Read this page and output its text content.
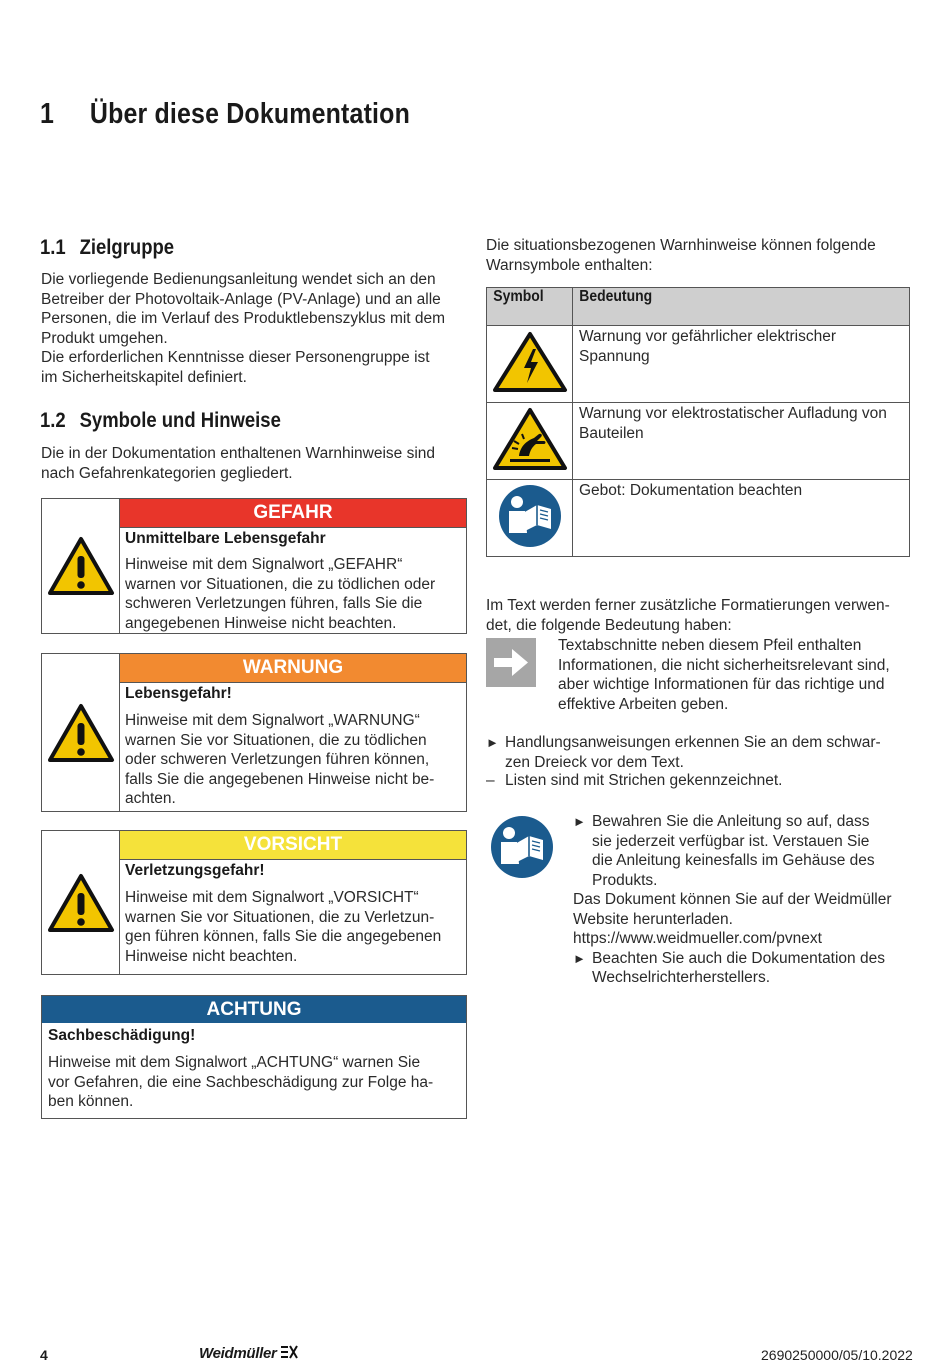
1 Über diese Dokumentation
1.1 Zielgruppe
Die vorliegende Bedienungsanleitung wendet sich an den
Betreiber der Photovoltaik-Anlage (PV-Anlage) und an alle
Personen, die im Verlauf des Produktlebenszyklus mit dem
Produkt umgehen.
Die erforderlichen Kenntnisse dieser Personengruppe ist
im Sicherheitskapitel definiert.
1.2 Symbole und Hinweise
Die in der Dokumentation enthaltenen Warnhinweise sind
nach Gefahrenkategorien gegliedert.
GEFAHR
Unmittelbare Lebensgefahr
Hinweise mit dem Signalwort „GEFAHR“
warnen vor Situationen, die zu tödlichen oder
schweren Verletzungen führen, falls Sie die
angegebenen Hinweise nicht beachten.
WARNUNG
Lebensgefahr!
Hinweise mit dem Signalwort „WARNUNG“
warnen Sie vor Situationen, die zu tödlichen
oder schweren Verletzungen führen können,
falls Sie die angegebenen Hinweise nicht be-
achten.
VORSICHT
Verletzungsgefahr!
Hinweise mit dem Signalwort „VORSICHT“
warnen Sie vor Situationen, die zu Verletzun-
gen führen können, falls Sie die angegebenen
Hinweise nicht beachten.
ACHTUNG
Sachbeschädigung!
Hinweise mit dem Signalwort „ACHTUNG“ warnen Sie
vor Gefahren, die eine Sachbeschädigung zur Folge ha-
ben können.
Die situationsbezogenen Warnhinweise können folgende
Warnsymbole enthalten:
Symbol	Bedeutung

Warnung vor gefährlicher elektrischer
Spannung

Warnung vor elektrostatischer Aufladung von
Bauteilen

Gebot: Dokumentation beachten
Im Text werden ferner zusätzliche Formatierungen verwen-
det, die folgende Bedeutung haben:
Textabschnitte neben diesem Pfeil enthalten
Informationen, die nicht sicherheitsrelevant sind,
aber wichtige Informationen für das richtige und
effektive Arbeiten geben.
► Handlungsanweisungen erkennen Sie an dem schwar-
zen Dreieck vor dem Text.
– Listen sind mit Strichen gekennzeichnet.
► Bewahren Sie die Anleitung so auf, dass
sie jederzeit verfügbar ist. Verstauen Sie
die Anleitung keinesfalls im Gehäuse des
Produkts.
Das Dokument können Sie auf der Weidmüller
Website herunterladen.
https://www.weidmueller.com/pvnext
► Beachten Sie auch die Dokumentation des
Wechselrichterherstellers.
4	Weidmüller	2690250000/05/10.2022
